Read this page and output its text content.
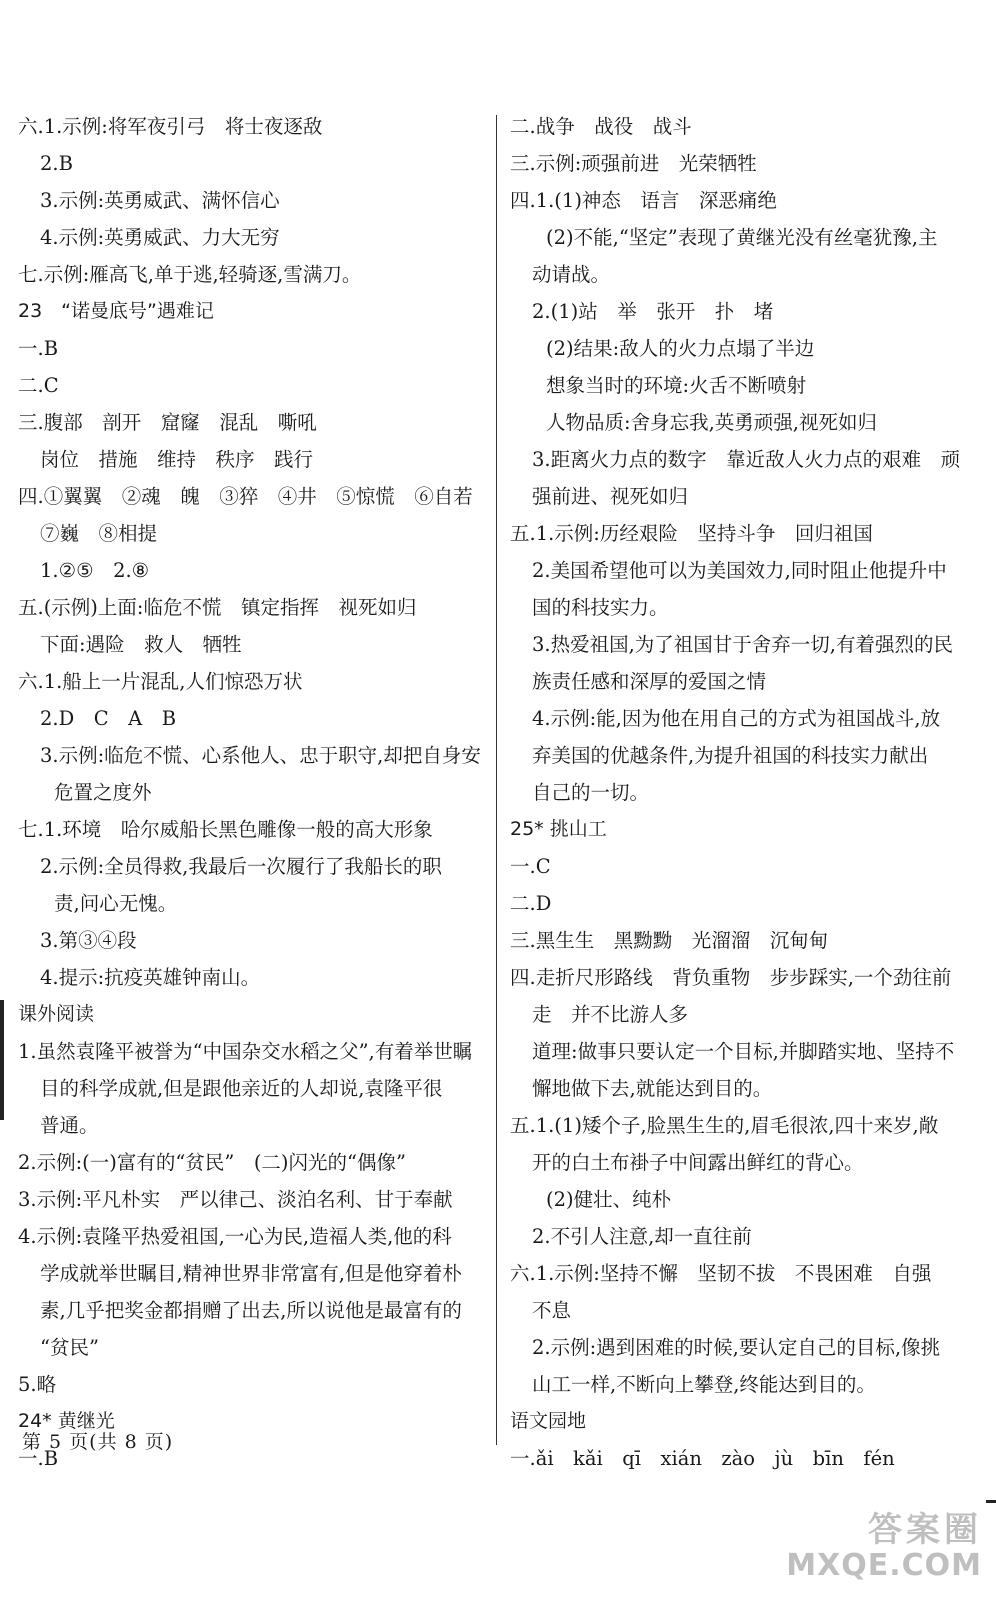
六.1.示例:将军夜引弓　将士夜逐敌
2.B
3.示例:英勇威武、满怀信心
4.示例:英勇威武、力大无穷
七.示例:雁高飞,单于逃,轻骑逐,雪满刀。
23　“诺曼底号”遇难记
一.B
二.C
三.腹部　剖开　窟窿　混乱　嘶吼
岗位　措施　维持　秩序　践行
四.①翼翼　②魂　魄　③猝　④井　⑤惊慌　⑥自若
⑦巍　⑧相提
1.②⑤　2.⑧
五.(示例)上面:临危不慌　镇定指挥　视死如归
下面:遇险　救人　牺牲
六.1.船上一片混乱,人们惊恐万状
2.D　C　A　B
3.示例:临危不慌、心系他人、忠于职守,却把自身安
危置之度外
七.1.环境　哈尔威船长黑色雕像一般的高大形象
2.示例:全员得救,我最后一次履行了我船长的职
责,问心无愧。
3.第③④段
4.提示:抗疫英雄钟南山。
课外阅读
1.虽然袁隆平被誉为“中国杂交水稻之父”,有着举世瞩
目的科学成就,但是跟他亲近的人却说,袁隆平很
普通。
2.示例:(一)富有的“贫民”　(二)闪光的“偶像”
3.示例:平凡朴实　严以律己、淡泊名利、甘于奉献
4.示例:袁隆平热爱祖国,一心为民,造福人类,他的科
学成就举世瞩目,精神世界非常富有,但是他穿着朴
素,几乎把奖金都捐赠了出去,所以说他是最富有的
“贫民”
5.略
24* 黄继光
一.B
二.战争　战役　战斗
三.示例:顽强前进　光荣牺牲
四.1.(1)神态　语言　深恶痛绝
(2)不能,“坚定”表现了黄继光没有丝毫犹豫,主
动请战。
2.(1)站　举　张开　扑　堵
(2)结果:敌人的火力点塌了半边
想象当时的环境:火舌不断喷射
人物品质:舍身忘我,英勇顽强,视死如归
3.距离火力点的数字　靠近敌人火力点的艰难　顽
强前进、视死如归
五.1.示例:历经艰险　坚持斗争　回归祖国
2.美国希望他可以为美国效力,同时阻止他提升中
国的科技实力。
3.热爱祖国,为了祖国甘于舍弃一切,有着强烈的民
族责任感和深厚的爱国之情
4.示例:能,因为他在用自己的方式为祖国战斗,放
弃美国的优越条件,为提升祖国的科技实力献出
自己的一切。
25* 挑山工
一.C
二.D
三.黑生生　黑黝黝　光溜溜　沉甸甸
四.走折尺形路线　背负重物　步步踩实,一个劲往前
走　并不比游人多
道理:做事只要认定一个目标,并脚踏实地、坚持不
懈地做下去,就能达到目的。
五.1.(1)矮个子,脸黑生生的,眉毛很浓,四十来岁,敞
开的白土布褂子中间露出鲜红的背心。
(2)健壮、纯朴
2.不引人注意,却一直往前
六.1.示例:坚持不懈　坚韧不拔　不畏困难　自强
不息
2.示例:遇到困难的时候,要认定自己的目标,像挑
山工一样,不断向上攀登,终能达到目的。
语文园地
一.ǎi　kǎi　qī　xián　zào　jù　bīn　fén
第 5 页(共 8 页)
答案圈
MXQE.COM
